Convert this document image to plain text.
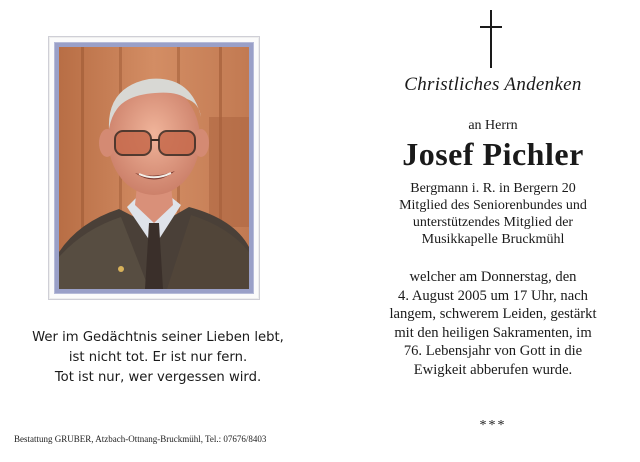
Wer im Gedächtnis seiner Lieben lebt,
ist nicht tot. Er ist nur fern.
Tot ist nur, wer vergessen wird.
Bestattung GRUBER, Atzbach-Ottnang-Bruckmühl, Tel.: 07676/8403
Christliches Andenken
an Herrn
Josef Pichler
Bergmann i. R. in Bergern 20
Mitglied des Seniorenbundes und
unterstützendes Mitglied der
Musikkapelle Bruckmühl
welcher am Donnerstag, den
4. August 2005 um 17 Uhr, nach
langem, schwerem Leiden, gestärkt
mit den heiligen Sakramenten, im
76. Lebensjahr von Gott in die
Ewigkeit abberufen wurde.
***
